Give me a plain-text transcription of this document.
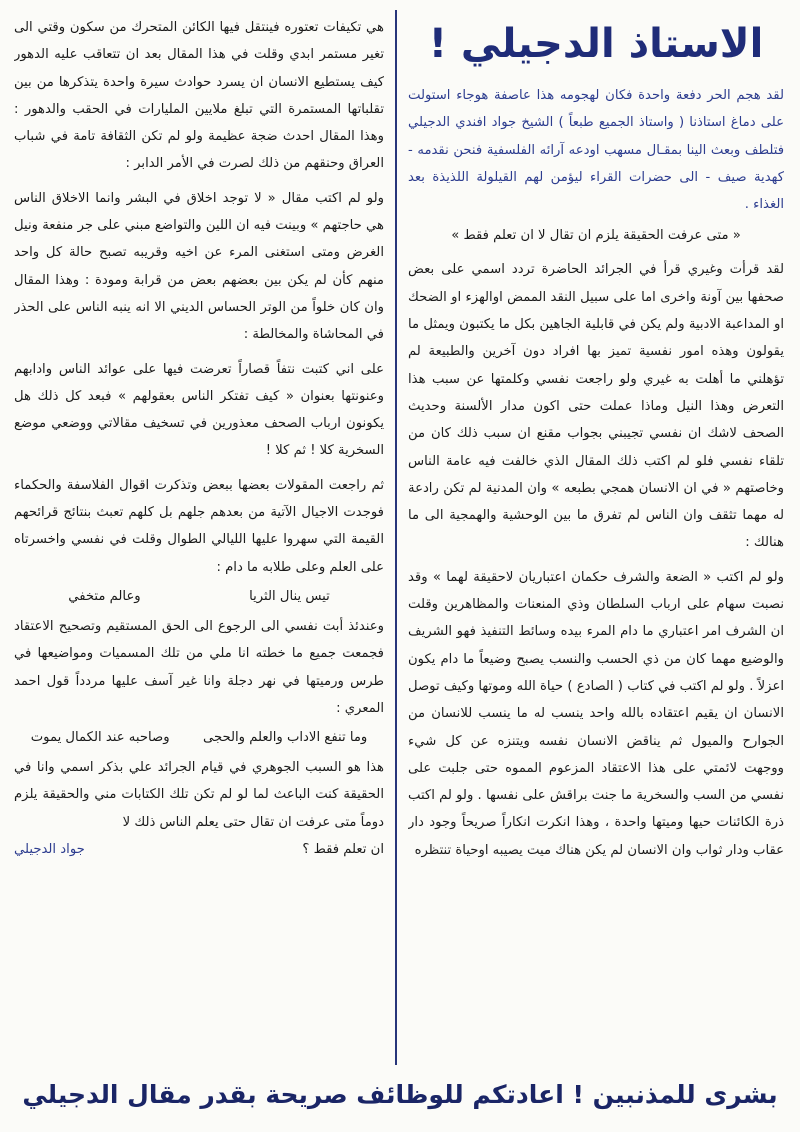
الاستاذ الدجيلي !

لقد هجم الحر دفعة واحدة فكان لهجومه هذا عاصفة هوجاء استولت على دماغ استاذنا ( واستاذ الجميع طبعاً ) الشيخ جواد افندي الدجيلي فتلطف وبعث الينا بمقـال مسهب اودعه آرائه الفلسفية فنحن نقدمه - كهدية صيف - الى حضرات القراء ليؤمن لهم القيلولة اللذيذة بعد الغذاء .

« متى عرفت الحقيقة يلزم ان تقال لا ان تعلم فقط »

لقد قرأت وغيري قرأ في الجرائد الحاضرة تردد اسمي على بعض صحفها بين آونة واخرى اما على سبيل النقد الممض اوالهزء او الضحك او المداعبة الادبية ولم يكن في قابلية الجاهين بكل ما يكتبون ويمثل ما يقولون وهذه امور نفسية تميز بها افراد دون آخرين والطبيعة لم تؤهلني ما أهلت به غيري ولو راجعت نفسي وكلمتها عن سبب هذا التعرض وهذا النيل وماذا عملت حتى اكون مدار الألسنة وحديث الصحف لاشك ان نفسي تجيبني بجواب مقنع ان سبب ذلك كان من تلقاء نفسي فلو لم اكتب ذلك المقال الذي خالفت فيه عامة الناس وخاصتهم « في ان الانسان همجي بطبعه » وان المدنية لم تكن رادعة له مهما تثقف وان الناس لم تفرق ما بين الوحشية والهمجية الى ما هنالك :

ولو لم اكتب « الضعة والشرف حكمان اعتباريان لاحقيقة لهما » وقد نصبت سهام على ارباب السلطان وذي المنعنات والمظاهرين وقلت ان الشرف امر اعتباري ما دام المرء بيده وسائط التنفيذ فهو الشريف والوضيع مهما كان من ذي الحسب والنسب يصبح وضيعاً ما دام يكون اعزلاً . ولو لم اكتب في كتاب ( الصادع ) حياة الله وموتها وكيف توصل الانسان ان يقيم اعتقاده بالله واحد ينسب له ما ينسب للانسان من الجوارح والميول ثم يناقض الانسان نفسه ويتنزه عن كل شيء ووجهت لائمتي على هذا الاعتقاد المزعوم المموه حتى جلبت على نفسي من السب والسخرية ما جنت براقش على نفسها . ولو لم اكتب ذرة الكائنات حيها وميتها واحدة ، وهذا انكرت انكاراً صريحاً وجود دار عقاب ودار ثواب وان الانسان لم يكن هناك ميت يصيبه اوحياة تنتظره

هي تكيفات تعتوره فينتقل فيها الكائن المتحرك من سكون وقتي الى تغير مستمر ابدي وقلت في هذا المقال بعد ان تتعاقب عليه الدهور كيف يستطيع الانسان ان يسرد حوادث سيرة واحدة يتذكرها من بين تقلباتها المستمرة التي تبلغ ملايين المليارات في الحقب والدهور : وهذا المقال احدث ضجة عظيمة ولو لم تكن الثقافة تامة في شباب العراق وحنقهم من ذلك لصرت في الأمر الدابر :

ولو لم اكتب مقال « لا توجد اخلاق في البشر وانما الاخلاق الناس هي حاجتهم » وبينت فيه ان اللين والتواضع مبني على جر منفعة ونيل الغرض ومتى استغنى المرء عن اخيه وقريبه تصبح حالة كل واحد منهم كأن لم يكن بين بعضهم بعض من قرابة ومودة : وهذا المقال وان كان خلواً من الوتر الحساس الديني الا انه ينبه الناس على الحذر في المحاشاة والمخالطة :

على اني كتبت نتفاً قصاراً تعرضت فيها على عوائد الناس وادابهم وعنونتها بعنوان « كيف تفتكر الناس بعقولهم » فبعد كل ذلك هل يكونون ارباب الصحف معذورين في تسخيف مقالاتي ووضعي موضع السخرية كلا ! ثم كلا !

ثم راجعت المقولات بعضها ببعض وتذكرت اقوال الفلاسفة والحكماء فوجدت الاجيال الآتية من بعدهم جلهم بل كلهم تعبث بنتائج قرائحهم القيمة التي سهروا عليها الليالي الطوال وقلت في نفسي واخسرتاه على العلم وعلى طلابه ما دام :

تيس ينال الثريا
وعالم متخفي

وعندئذ أبت نفسي الى الرجوع الى الحق المستقيم وتصحيح الاعتقاد فجمعت جميع ما خطته انا ملي من تلك المسميات ومواضيعها في طرس ورميتها في نهر دجلة وانا غير آسف عليها مردداً قول احمد المعري :

وما تنفع الاداب والعلم والحجى
وصاحبه عند الكمال يموت

هذا هو السبب الجوهري في قيام الجرائد علي بذكر اسمي وانا في الحقيقة كنت الباعث لما لو لم تكن تلك الكتابات مني والحقيقة يلزم دوماً متى عرفت ان تقال حتى يعلم الناس ذلك لا

ان تعلم فقط ؟
جواد الدجيلي
بشرى للمذنبين ! اعادتكم للوظائف صريحة بقدر مقال الدجيلي
